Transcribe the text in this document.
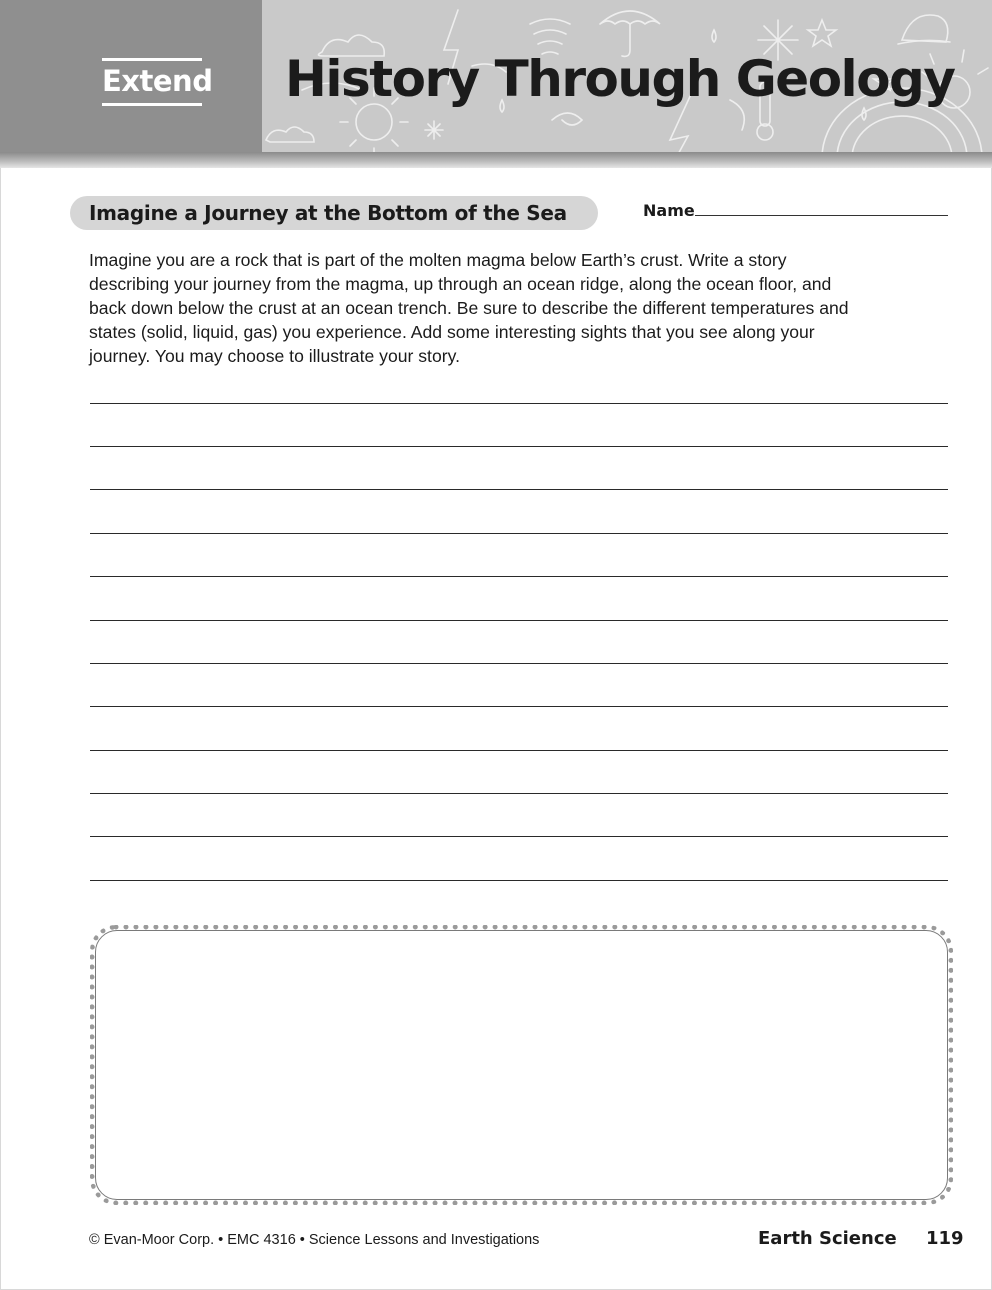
Extend History Through Geology
Imagine a Journey at the Bottom of the Sea	Name

Imagine you are a rock that is part of the molten magma below Earth’s crust. Write a story describing your journey from the magma, up through an ocean ridge, along the ocean floor, and back down below the crust at an ocean trench. Be sure to describe the different temperatures and states (solid, liquid, gas) you experience. Add some interesting sights that you see along your journey. You may choose to illustrate your story.

© Evan-Moor Corp. • EMC 4316 • Science Lessons and Investigations	Earth Science 119
